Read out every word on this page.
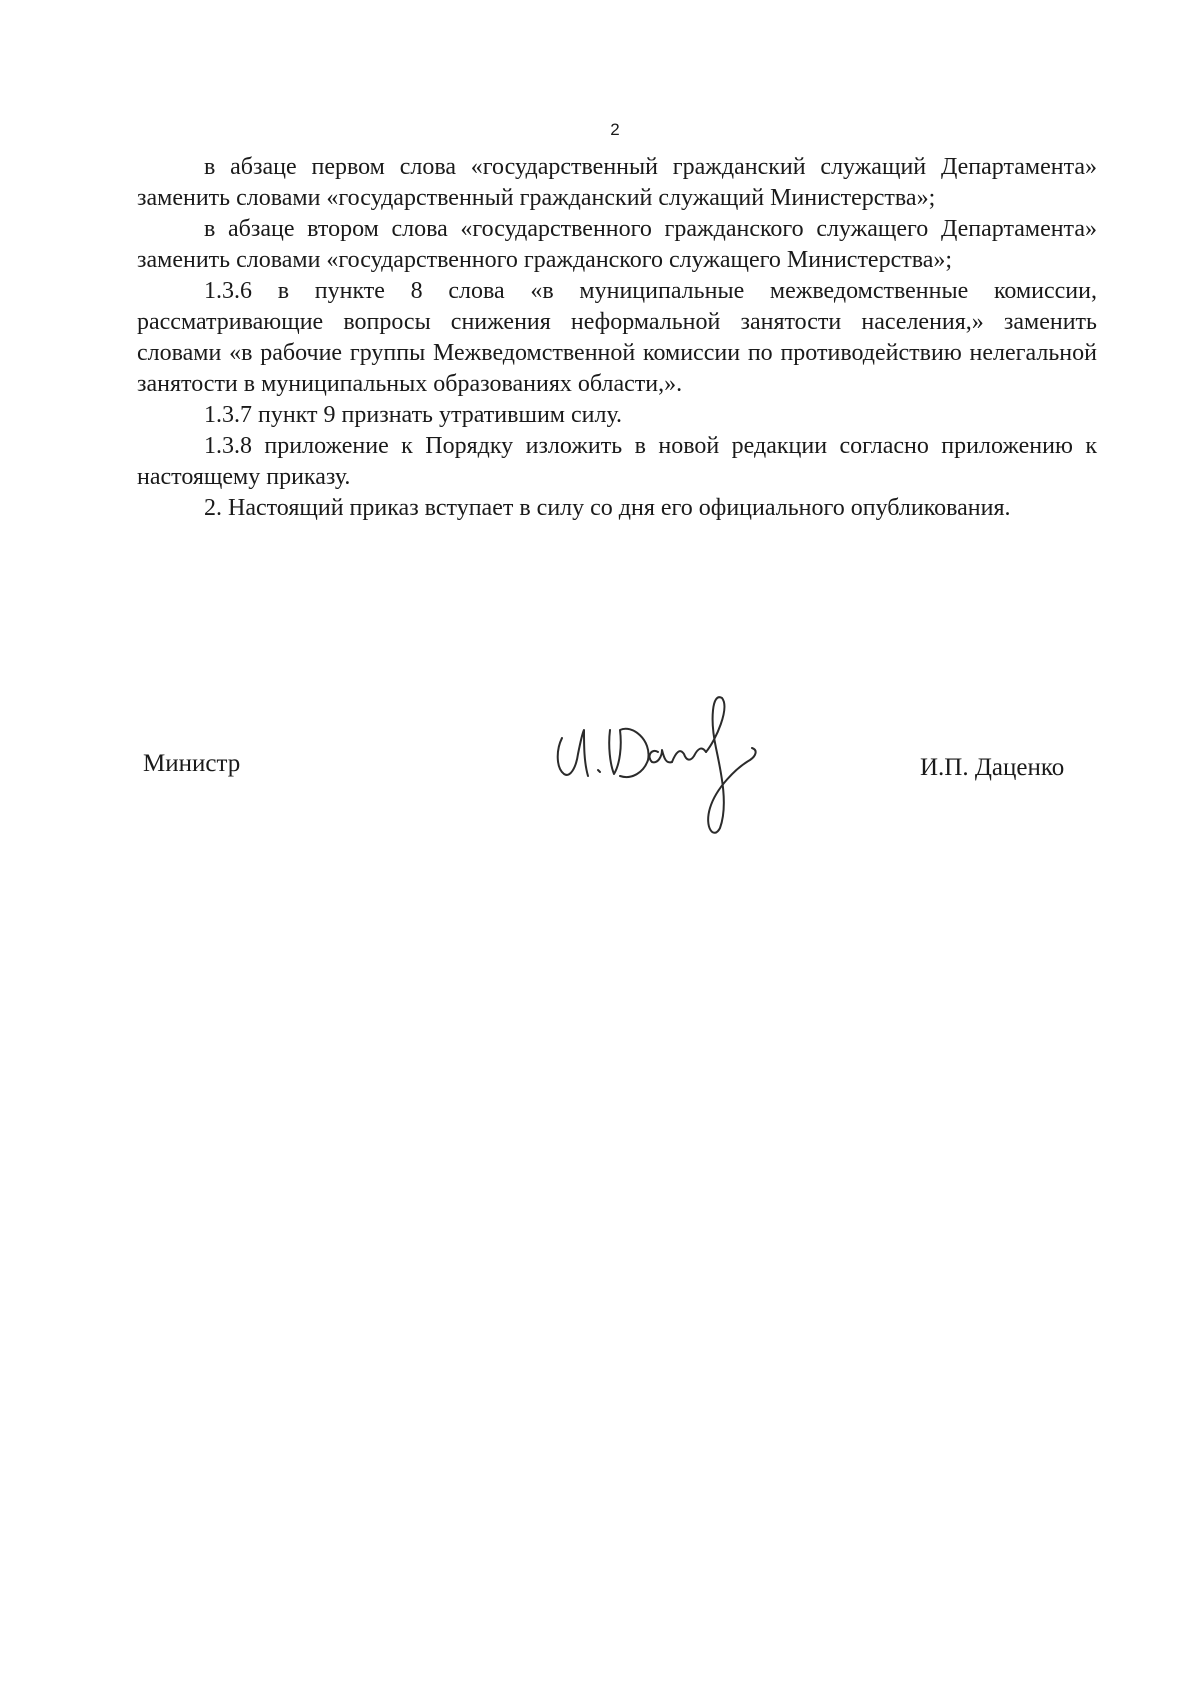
2

в абзаце первом слова «государственный гражданский служащий Департамента» заменить словами «государственный гражданский служащий Министерства»;

в абзаце втором слова «государственного гражданского служащего Департамента» заменить словами «государственного гражданского служащего Министерства»;

1.3.6 в пункте 8 слова «в муниципальные межведомственные комиссии, рассматривающие вопросы снижения неформальной занятости населения,» заменить словами «в рабочие группы Межведомственной комиссии по противодействию нелегальной занятости в муниципальных образованиях области,».

1.3.7 пункт 9 признать утратившим силу.

1.3.8 приложение к Порядку изложить в новой редакции согласно приложению к настоящему приказу.

2. Настоящий приказ вступает в силу со дня его официального опубликования.

Министр	И.П. Даценко
